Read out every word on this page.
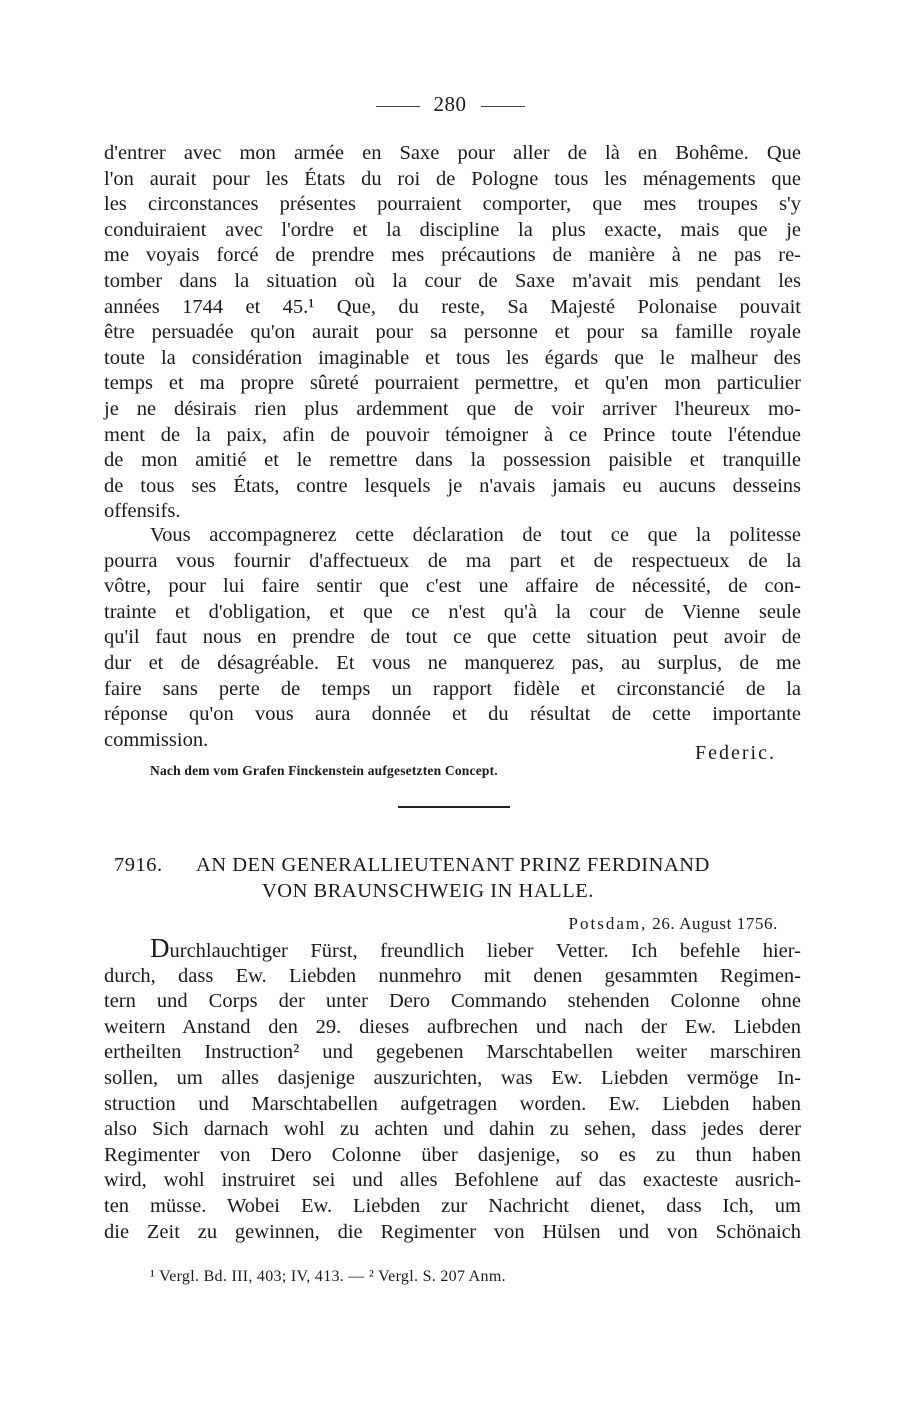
280
d'entrer avec mon armée en Saxe pour aller de là en Bohême. Que
l'on aurait pour les États du roi de Pologne tous les ménagements que
les circonstances présentes pourraient comporter, que mes troupes s'y
conduiraient avec l'ordre et la discipline la plus exacte, mais que je
me voyais forcé de prendre mes précautions de manière à ne pas re-
tomber dans la situation où la cour de Saxe m'avait mis pendant les
années 1744 et 45.¹ Que, du reste, Sa Majesté Polonaise pouvait
être persuadée qu'on aurait pour sa personne et pour sa famille royale
toute la considération imaginable et tous les égards que le malheur des
temps et ma propre sûreté pourraient permettre, et qu'en mon particulier
je ne désirais rien plus ardemment que de voir arriver l'heureux mo-
ment de la paix, afin de pouvoir témoigner à ce Prince toute l'étendue
de mon amitié et le remettre dans la possession paisible et tranquille
de tous ses États, contre lesquels je n'avais jamais eu aucuns desseins
offensifs.
Vous accompagnerez cette déclaration de tout ce que la politesse
pourra vous fournir d'affectueux de ma part et de respectueux de la
vôtre, pour lui faire sentir que c'est une affaire de nécessité, de con-
trainte et d'obligation, et que ce n'est qu'à la cour de Vienne seule
qu'il faut nous en prendre de tout ce que cette situation peut avoir de
dur et de désagréable. Et vous ne manquerez pas, au surplus, de me
faire sans perte de temps un rapport fidèle et circonstancié de la
réponse qu'on vous aura donnée et du résultat de cette importante
commission.
Federic.
Nach dem vom Grafen Finckenstein aufgesetzten Concept.
7916. AN DEN GENERALLIEUTENANT PRINZ FERDINAND
VON BRAUNSCHWEIG IN HALLE.
Potsdam, 26. August 1756.
Durchlauchtiger Fürst, freundlich lieber Vetter. Ich befehle hier-
durch, dass Ew. Liebden nunmehro mit denen gesammten Regimen-
tern und Corps der unter Dero Commando stehenden Colonne ohne
weitern Anstand den 29. dieses aufbrechen und nach der Ew. Liebden
ertheilten Instruction² und gegebenen Marschtabellen weiter marschiren
sollen, um alles dasjenige auszurichten, was Ew. Liebden vermöge In-
struction und Marschtabellen aufgetragen worden. Ew. Liebden haben
also Sich darnach wohl zu achten und dahin zu sehen, dass jedes derer
Regimenter von Dero Colonne über dasjenige, so es zu thun haben
wird, wohl instruiret sei und alles Befohlene auf das exacteste ausrich-
ten müsse. Wobei Ew. Liebden zur Nachricht dienet, dass Ich, um
die Zeit zu gewinnen, die Regimenter von Hülsen und von Schönaich
¹ Vergl. Bd. III, 403; IV, 413. — ² Vergl. S. 207 Anm.
